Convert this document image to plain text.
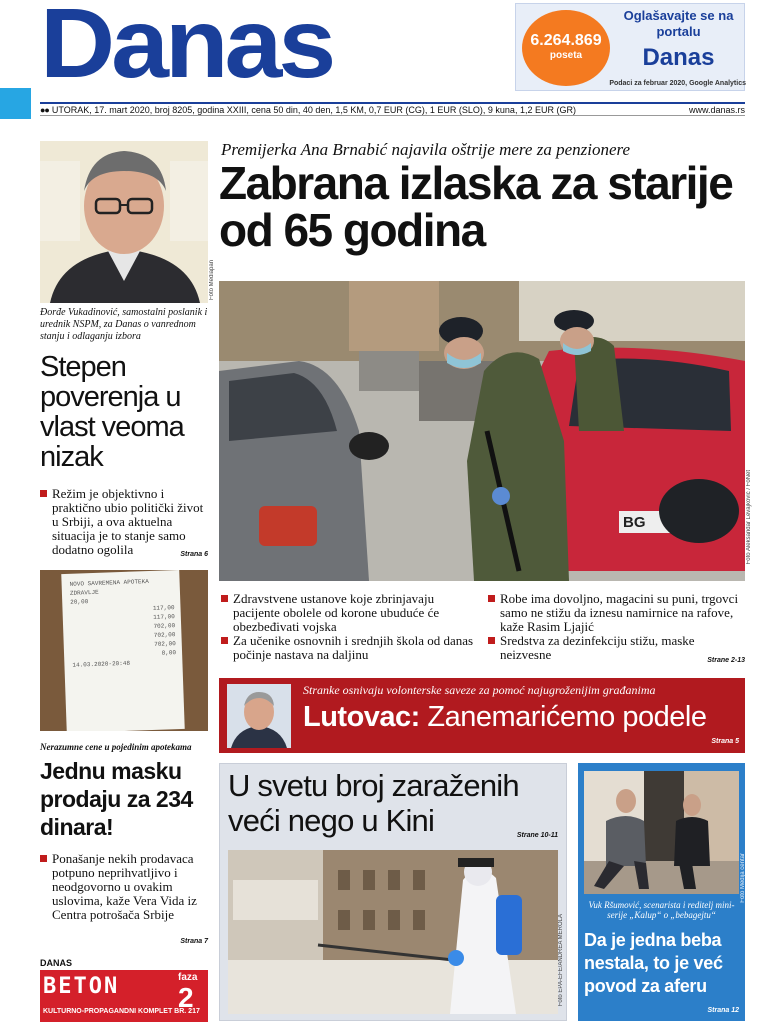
Danas	6.264.869
poseta
Oglašavajte se na portalu
Danas
Podaci za februar 2020, Google Analytics
●● UTORAK, 17. mart 2020, broj 8205, godina XXIII, cena 50 din, 40 den, 1,5 KM, 0,7 EUR (CG), 1 EUR (SLO), 9 kuna, 1,2 EUR (GR)	www.danas.rs
Foto Mediapan
Đorđe Vukadinović, samostalni poslanik i urednik NSPM, za Danas o vanrednom stanju i odlaganju izbora
Stepen poverenja u vlast veoma nizak
Režim je objektivno i praktično ubio politički život u Srbiji, a ova aktuelna situacija je to stanje samo dodatno ogolila	Strana 6
NOVO SAVREMENA APOTEKA ZDRAVLJE
20,00
117,00
117,00
702,00
702,00
702,00
8,00
14.03.2020-20:48
Nerazumne cene u pojedinim apotekama
Jednu masku prodaju za 234 dinara!
Ponašanje nekih prodavaca potpuno neprihvatljivo i neodgovorno u ovakim uslovima, kaže Vera Vida iz Centra potrošača Srbije
Strana 7
DANAS
BETON	faza
2
KULTURNO-PROPAGANDNI KOMPLET BR. 217
Premijerka Ana Brnabić najavila oštrije mere za penzionere
Zabrana izlaska za starije od 65 godina
BG	Foto Aleksandar Levajković / FoNet
Zdravstvene ustanove koje zbrinjavaju pacijente obolele od korone ubuduće će obezbeđivati vojska
Za učenike osnovnih i srednjih škola od danas počinje nastava na daljinu
Robe ima dovoljno, magacini su puni, trgovci samo ne stižu da iznesu namirnice na rafove, kaže Rasim Ljajić
Sredstva za dezinfekciju stižu, maske neizvesne	Strane 2-13
Stranke osnivaju volonterske saveze za pomoć najugroženijim građanima
Lutovac: Zanemarićemo podele
Strana 5
U svetu broj zaraženih veći nego u Kini	Strane 10-11
Foto EPA-EFE/ANDREA MEROLA
Foto Medija centar
Vuk Ršumović, scenarista i reditelj mini-serije „Kalup“ o „bebagejtu“
Da je jedna beba nestala, to je već povod za aferu
Strana 12
